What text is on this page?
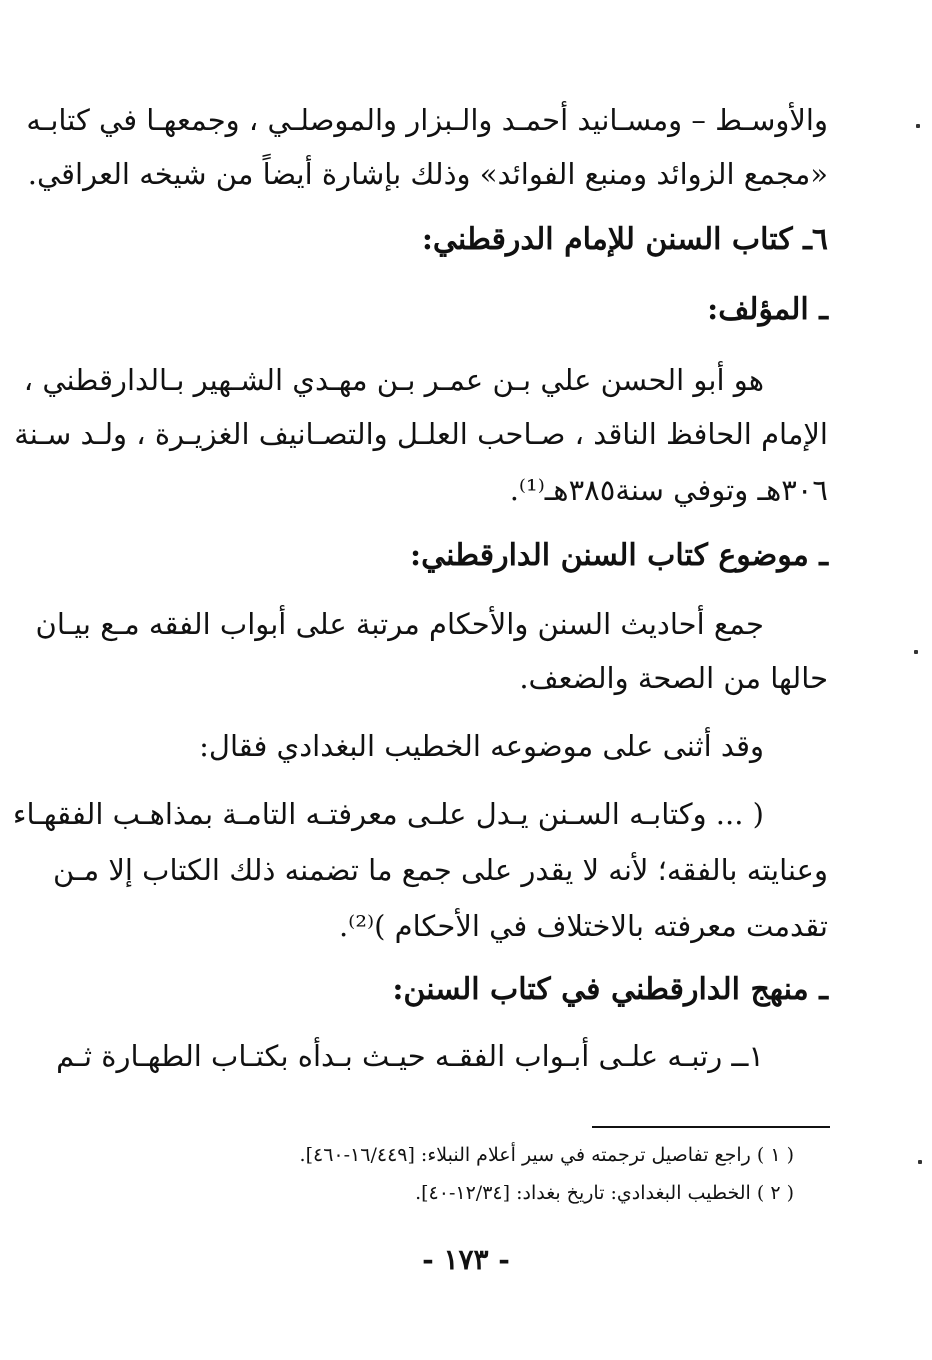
والأوسـط – ومسـانيد أحمـد والـبزار والموصلـي ، وجمعهـا في كتابـه
«مجمع الزوائد ومنبع الفوائد» وذلك بإشارة أيضاً من شيخه العراقي.
٦ـ كتاب السنن للإمام الدرقطني:
ـ المؤلف:
هو أبو الحسن علي بـن عمـر بـن مهـدي الشـهير بـالدارقطني ،
الإمام الحافظ الناقد ، صـاحب العلـل والتصـانيف الغزيـرة ، ولـد سـنة
٣٠٦هـ وتوفي سنة٣٨٥هـ⁽¹⁾.
ـ موضوع كتاب السنن الدارقطني:
جمع أحاديث السنن والأحكام مرتبة على أبواب الفقه مـع بيـان
حالها من الصحة والضعف.
وقد أثنى على موضوعه الخطيب البغدادي فقال:
( ... وكتابـه السـنن يـدل علـى معرفتـه التامـة بمذاهـب الفقهـاء
وعنايته بالفقه؛ لأنه لا يقدر على جمع ما تضمنه ذلك الكتاب إلا مـن
تقدمت معرفته بالاختلاف في الأحكام )⁽²⁾.
ـ منهج الدارقطني في كتاب السنن:
١ــ رتبـه علـى أبـواب الفقـه حيـث بـدأه بكتـاب الطهـارة ثـم
( ١ ) راجع تفاصيل ترجمته في سير أعلام النبلاء: [١٦/٤٤٩-٤٦٠].
( ٢ ) الخطيب البغدادي: تاريخ بغداد: [١٢/٣٤-٤٠].
- ١٧٣ -
